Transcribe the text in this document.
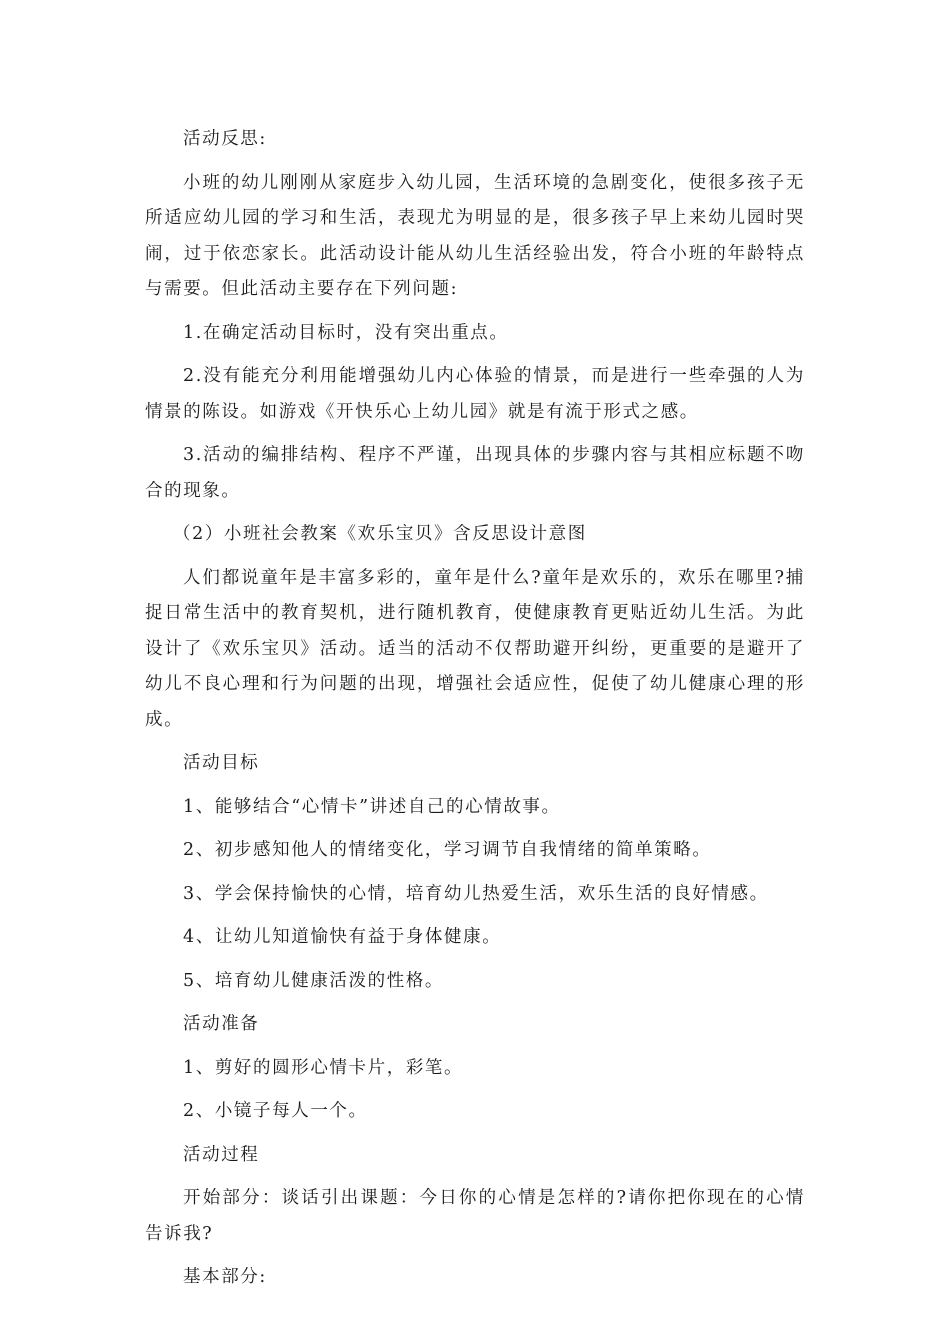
活动反思:

小班的幼儿刚刚从家庭步入幼儿园，生活环境的急剧变化，使很多孩子无所适应幼儿园的学习和生活，表现尤为明显的是，很多孩子早上来幼儿园时哭闹，过于依恋家长。此活动设计能从幼儿生活经验出发，符合小班的年龄特点与需要。但此活动主要存在下列问题:

1.在确定活动目标时，没有突出重点。

2.没有能充分利用能增强幼儿内心体验的情景，而是进行一些牵强的人为情景的陈设。如游戏《开快乐心上幼儿园》就是有流于形式之感。

3.活动的编排结构、程序不严谨，出现具体的步骤内容与其相应标题不吻合的现象。

（2）小班社会教案《欢乐宝贝》含反思设计意图

人们都说童年是丰富多彩的，童年是什么?童年是欢乐的，欢乐在哪里?捕捉日常生活中的教育契机，进行随机教育，使健康教育更贴近幼儿生活。为此设计了《欢乐宝贝》活动。适当的活动不仅帮助避开纠纷，更重要的是避开了幼儿不良心理和行为问题的出现，增强社会适应性，促使了幼儿健康心理的形成。

活动目标

1、能够结合“心情卡”讲述自己的心情故事。

2、初步感知他人的情绪变化，学习调节自我情绪的简单策略。

3、学会保持愉快的心情，培育幼儿热爱生活，欢乐生活的良好情感。

4、让幼儿知道愉快有益于身体健康。

5、培育幼儿健康活泼的性格。

活动准备

1、剪好的圆形心情卡片，彩笔。

2、小镜子每人一个。

活动过程

开始部分：谈话引出课题：今日你的心情是怎样的?请你把你现在的心情告诉我?

基本部分:
